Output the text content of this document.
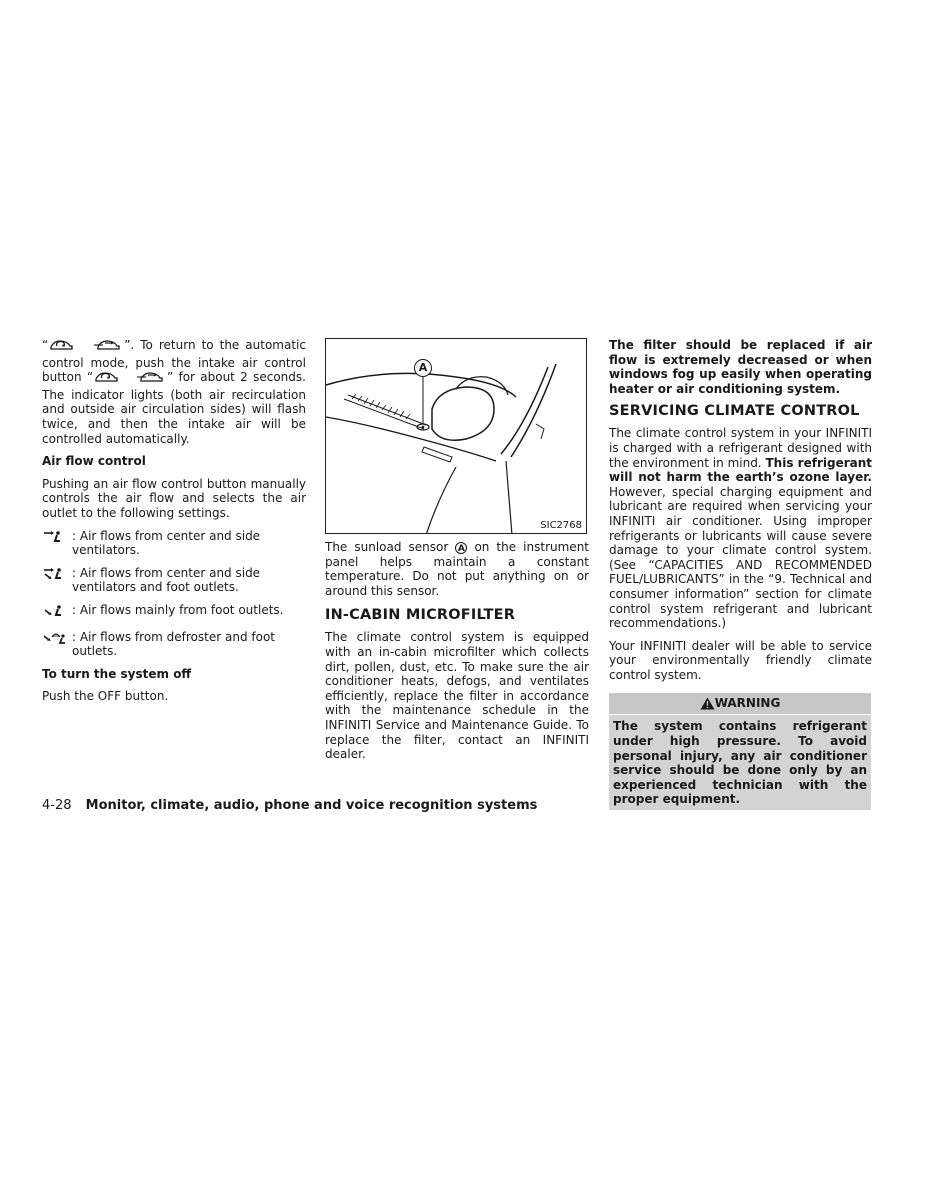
“	”. To return to the automatic control mode, push the intake air control button “	” for about 2 seconds. The indicator lights (both air recirculation and outside air circulation sides) will flash twice, and then the intake air will be controlled automatically.

Air flow control

Pushing an air flow control button manually controls the air flow and selects the air outlet to the following settings.

: Air flows from center and side ventilators.
: Air flows from center and side ventilators and foot outlets.
: Air flows mainly from foot outlets.
: Air flows from defroster and foot outlets.

To turn the system off

Push the OFF button.

A
SIC2768

The sunload sensor A on the instrument panel helps maintain a constant temperature. Do not put anything on or around this sensor.

IN-CABIN MICROFILTER

The climate control system is equipped with an in-cabin microfilter which collects dirt, pollen, dust, etc. To make sure the air conditioner heats, defogs, and ventilates efficiently, replace the filter in accordance with the maintenance schedule in the INFINITI Service and Maintenance Guide. To replace the filter, contact an INFINITI dealer.

The filter should be replaced if air flow is extremely decreased or when windows fog up easily when operating heater or air conditioning system.

SERVICING CLIMATE CONTROL

The climate control system in your INFINITI is charged with a refrigerant designed with the environment in mind. This refrigerant will not harm the earth’s ozone layer. However, special charging equipment and lubricant are required when servicing your INFINITI air conditioner. Using improper refrigerants or lubricants will cause severe damage to your climate control system. (See “CAPACITIES AND RECOMMENDED FUEL/LUBRICANTS” in the “9. Technical and consumer information” section for climate control system refrigerant and lubricant recommendations.)

Your INFINITI dealer will be able to service your environmentally friendly climate control system.

WARNING

The system contains refrigerant under high pressure. To avoid personal injury, any air conditioner service should be done only by an experienced technician with the proper equipment.

4-28 Monitor, climate, audio, phone and voice recognition systems
